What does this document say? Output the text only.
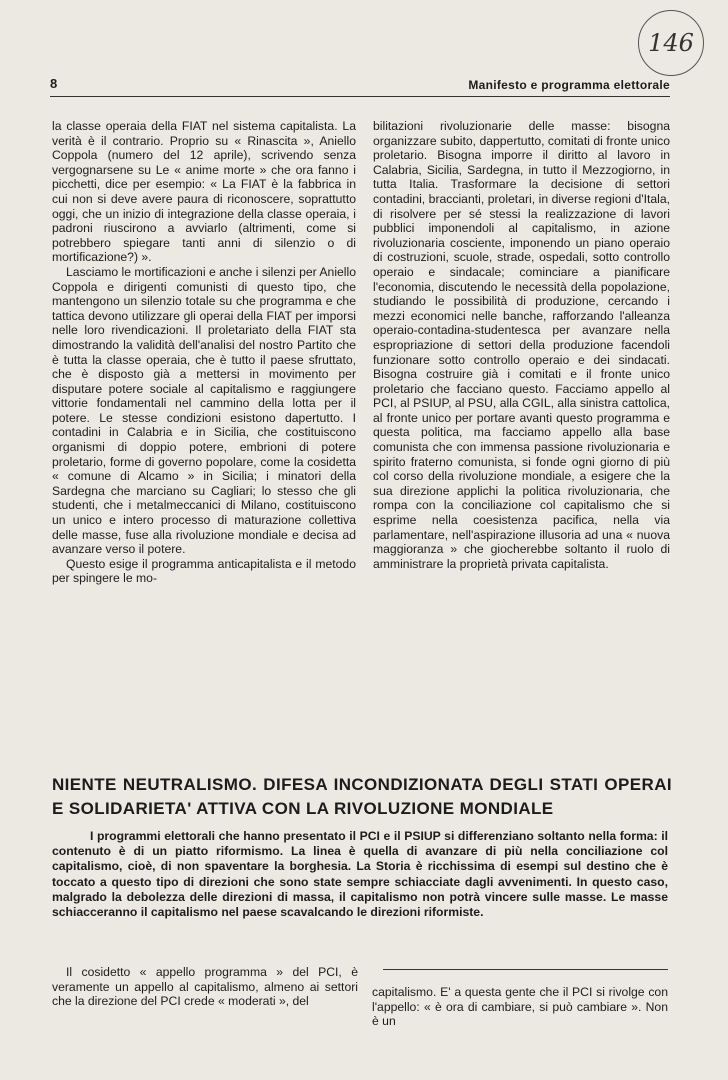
146
8	Manifesto e programma elettorale

la classe operaia della FIAT nel sistema capitalista. La verità è il contrario. Proprio su « Rinascita », Aniello Coppola (numero del 12 aprile), scrivendo senza vergognarsene su Le « anime morte » che ora fanno i picchetti, dice per esempio: « La FIAT è la fabbrica in cui non si deve avere paura di riconoscere, soprattutto oggi, che un inizio di integrazione della classe operaia, i padroni riuscirono a avviarlo (altrimenti, come si potrebbero spiegare tanti anni di silenzio o di mortificazione?) ».

Lasciamo le mortificazioni e anche i silenzi per Aniello Coppola e dirigenti comunisti di questo tipo, che mantengono un silenzio totale su che programma e che tattica devono utilizzare gli operai della FIAT per imporsi nelle loro rivendicazioni. Il proletariato della FIAT sta dimostrando la validità dell'analisi del nostro Partito che è tutta la classe operaia, che è tutto il paese sfruttato, che è disposto già a mettersi in movimento per disputare potere sociale al capitalismo e raggiungere vittorie fondamentali nel cammino della lotta per il potere. Le stesse condizioni esistono dapertutto. I contadini in Calabria e in Sicilia, che costituiscono organismi di doppio potere, embrioni di potere proletario, forme di governo popolare, come la cosidetta « comune di Alcamo » in Sicilia; i minatori della Sardegna che marciano su Cagliari; lo stesso che gli studenti, che i metalmeccanici di Milano, costituiscono un unico e intero processo di maturazione collettiva delle masse, fuse alla rivoluzione mondiale e decisa ad avanzare verso il potere.

Questo esige il programma anticapitalista e il metodo per spingere le mo-

bilitazioni rivoluzionarie delle masse: bisogna organizzare subito, dappertutto, comitati di fronte unico proletario. Bisogna imporre il diritto al lavoro in Calabria, Sicilia, Sardegna, in tutto il Mezzogiorno, in tutta Italia. Trasformare la decisione di settori contadini, braccianti, proletari, in diverse regioni d'Itala, di risolvere per sé stessi la realizzazione di lavori pubblici imponendoli al capitalismo, in azione rivoluzionaria cosciente, imponendo un piano operaio di costruzioni, scuole, strade, ospedali, sotto controllo operaio e sindacale; cominciare a pianificare l'economia, discutendo le necessità della popolazione, studiando le possibilità di produzione, cercando i mezzi economici nelle banche, rafforzando l'alleanza operaio-contadina-studentesca per avanzare nella espropriazione di settori della produzione facendoli funzionare sotto controllo operaio e dei sindacati. Bisogna costruire già i comitati e il fronte unico proletario che facciano questo. Facciamo appello al PCI, al PSIUP, al PSU, alla CGIL, alla sinistra cattolica, al fronte unico per portare avanti questo programma e questa politica, ma facciamo appello alla base comunista che con immensa passione rivoluzionaria e spirito fraterno comunista, si fonde ogni giorno di più col corso della rivoluzione mondiale, a esigere che la sua direzione applichi la politica rivoluzionaria, che rompa con la conciliazione col capitalismo che si esprime nella coesistenza pacifica, nella via parlamentare, nell'aspirazione illusoria ad una « nuova maggioranza » che giocherebbe soltanto il ruolo di amministrare la proprietà privata capitalista.

NIENTE NEUTRALISMO. DIFESA INCONDIZIONATA DEGLI STATI OPERAI E SOLIDARIETA' ATTIVA CON LA RIVOLUZIONE MONDIALE

I programmi elettorali che hanno presentato il PCI e il PSIUP si differenziano soltanto nella forma: il contenuto è di un piatto riformismo. La linea è quella di avanzare di più nella conciliazione col capitalismo, cioè, di non spaventare la borghesia. La Storia è ricchissima di esempi sul destino che è toccato a questo tipo di direzioni che sono state sempre schiacciate dagli avvenimenti. In questo caso, malgrado la debolezza delle direzioni di massa, il capitalismo non potrà vincere sulle masse. Le masse schiacceranno il capitalismo nel paese scavalcando le direzioni riformiste.

Il cosidetto « appello programma » del PCI, è veramente un appello al capitalismo, almeno ai settori che la direzione del PCI crede « moderati », del

capitalismo. E' a questa gente che il PCI si rivolge con l'appello: « è ora di cambiare, si può cambiare ». Non è un
